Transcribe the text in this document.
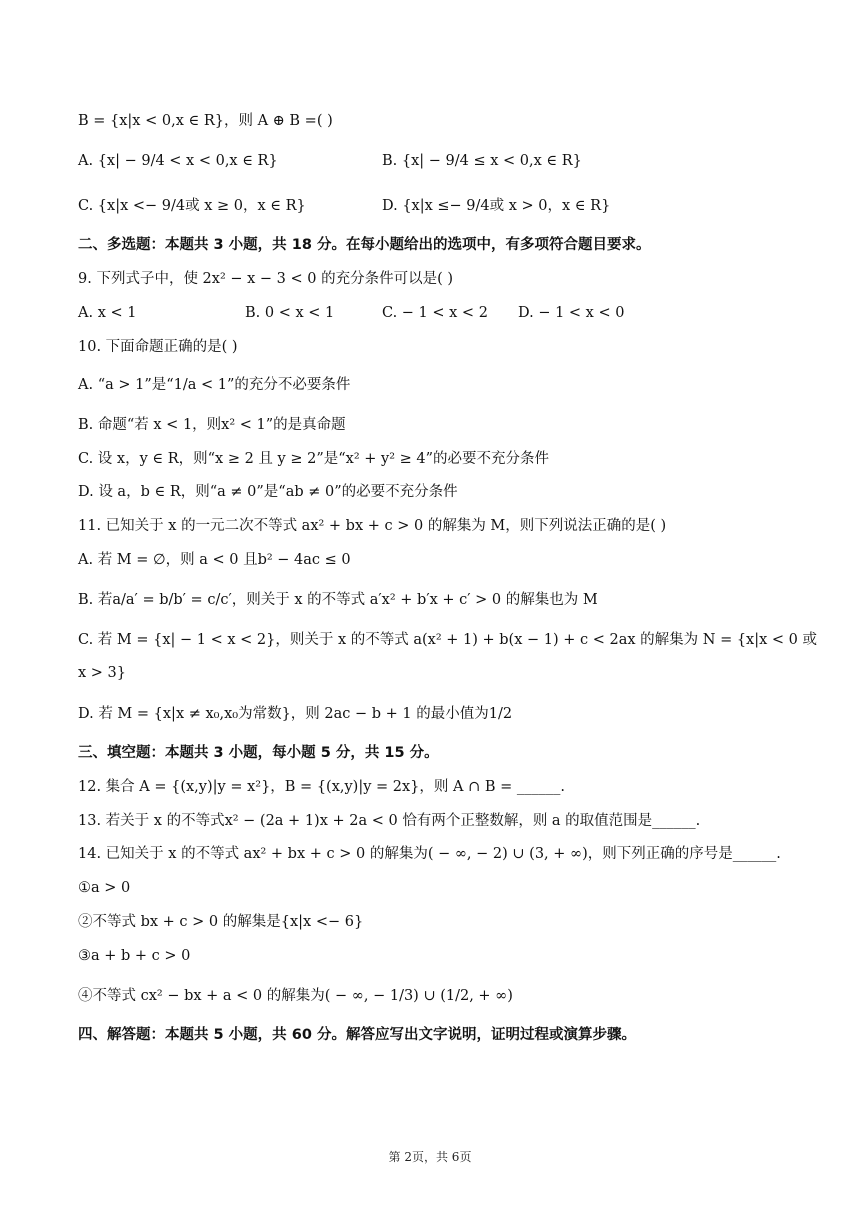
B = {x|x < 0,x ∈ R}，则 A ⊕ B =( )
A. {x| − 9/4 < x < 0,x ∈ R}	B. {x| − 9/4 ≤ x < 0,x ∈ R}
C. {x|x <− 9/4或 x ≥ 0，x ∈ R}	D. {x|x ≤− 9/4或 x > 0，x ∈ R}
二、多选题：本题共 3 小题，共 18 分。在每小题给出的选项中，有多项符合题目要求。
9. 下列式子中，使 2x² − x − 3 < 0 的充分条件可以是( )
A. x < 1	B. 0 < x < 1	C. − 1 < x < 2 D. − 1 < x < 0
10. 下面命题正确的是( )
A. “a > 1”是“1/a < 1”的充分不必要条件
B. 命题“若 x < 1，则x² < 1”的是真命题
C. 设 x，y ∈ R，则“x ≥ 2 且 y ≥ 2”是“x² + y² ≥ 4”的必要不充分条件
D. 设 a，b ∈ R，则“a ≠ 0”是“ab ≠ 0”的必要不充分条件
11. 已知关于 x 的一元二次不等式 ax² + bx + c > 0 的解集为 M，则下列说法正确的是( )
A. 若 M = ∅，则 a < 0 且b² − 4ac ≤ 0
B. 若a/a′ = b/b′ = c/c′，则关于 x 的不等式 a′x² + b′x + c′ > 0 的解集也为 M
C. 若 M = {x| − 1 < x < 2}，则关于 x 的不等式 a(x² + 1) + b(x − 1) + c < 2ax 的解集为 N = {x|x < 0 或
x > 3}
D. 若 M = {x|x ≠ x₀,x₀为常数}，则 2ac − b + 1 的最小值为1/2
三、填空题：本题共 3 小题，每小题 5 分，共 15 分。
12. 集合 A = {(x,y)|y = x²}，B = {(x,y)|y = 2x}，则 A ∩ B = ______.
13. 若关于 x 的不等式x² − (2a + 1)x + 2a < 0 恰有两个正整数解，则 a 的取值范围是______.
14. 已知关于 x 的不等式 ax² + bx + c > 0 的解集为( − ∞, − 2) ∪ (3, + ∞)，则下列正确的序号是______.
①a > 0
②不等式 bx + c > 0 的解集是{x|x <− 6}
③a + b + c > 0
④不等式 cx² − bx + a < 0 的解集为( − ∞, − 1/3) ∪ (1/2, + ∞)
四、解答题：本题共 5 小题，共 60 分。解答应写出文字说明，证明过程或演算步骤。
第 2页，共 6页
